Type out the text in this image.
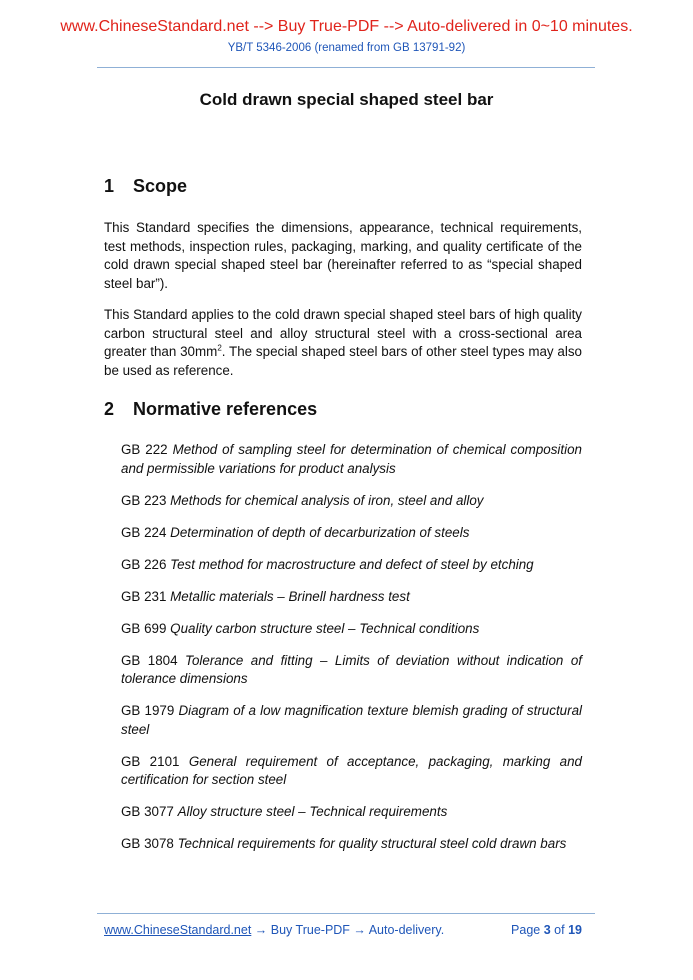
www.ChineseStandard.net --> Buy True-PDF --> Auto-delivered in 0~10 minutes.
YB/T 5346-2006 (renamed from GB 13791-92)
Cold drawn special shaped steel bar
1 Scope

This Standard specifies the dimensions, appearance, technical requirements, test methods, inspection rules, packaging, marking, and quality certificate of the cold drawn special shaped steel bar (hereinafter referred to as “special shaped steel bar”).

This Standard applies to the cold drawn special shaped steel bars of high quality carbon structural steel and alloy structural steel with a cross-sectional area greater than $30mm^2$. The special shaped steel bars of other steel types may also be used as reference.

2 Normative references
GB 222 Method of sampling steel for determination of chemical composition and permissible variations for product analysis
GB 223 Methods for chemical analysis of iron, steel and alloy
GB 224 Determination of depth of decarburization of steels
GB 226 Test method for macrostructure and defect of steel by etching
GB 231 Metallic materials – Brinell hardness test
GB 699 Quality carbon structure steel – Technical conditions
GB 1804 Tolerance and fitting – Limits of deviation without indication of tolerance dimensions
GB 1979 Diagram of a low magnification texture blemish grading of structural steel
GB 2101 General requirement of acceptance, packaging, marking and certification for section steel
GB 3077 Alloy structure steel – Technical requirements
GB 3078 Technical requirements for quality structural steel cold drawn bars
www.ChineseStandard.net → Buy True-PDF → Auto-delivery.	Page 3 of 19
